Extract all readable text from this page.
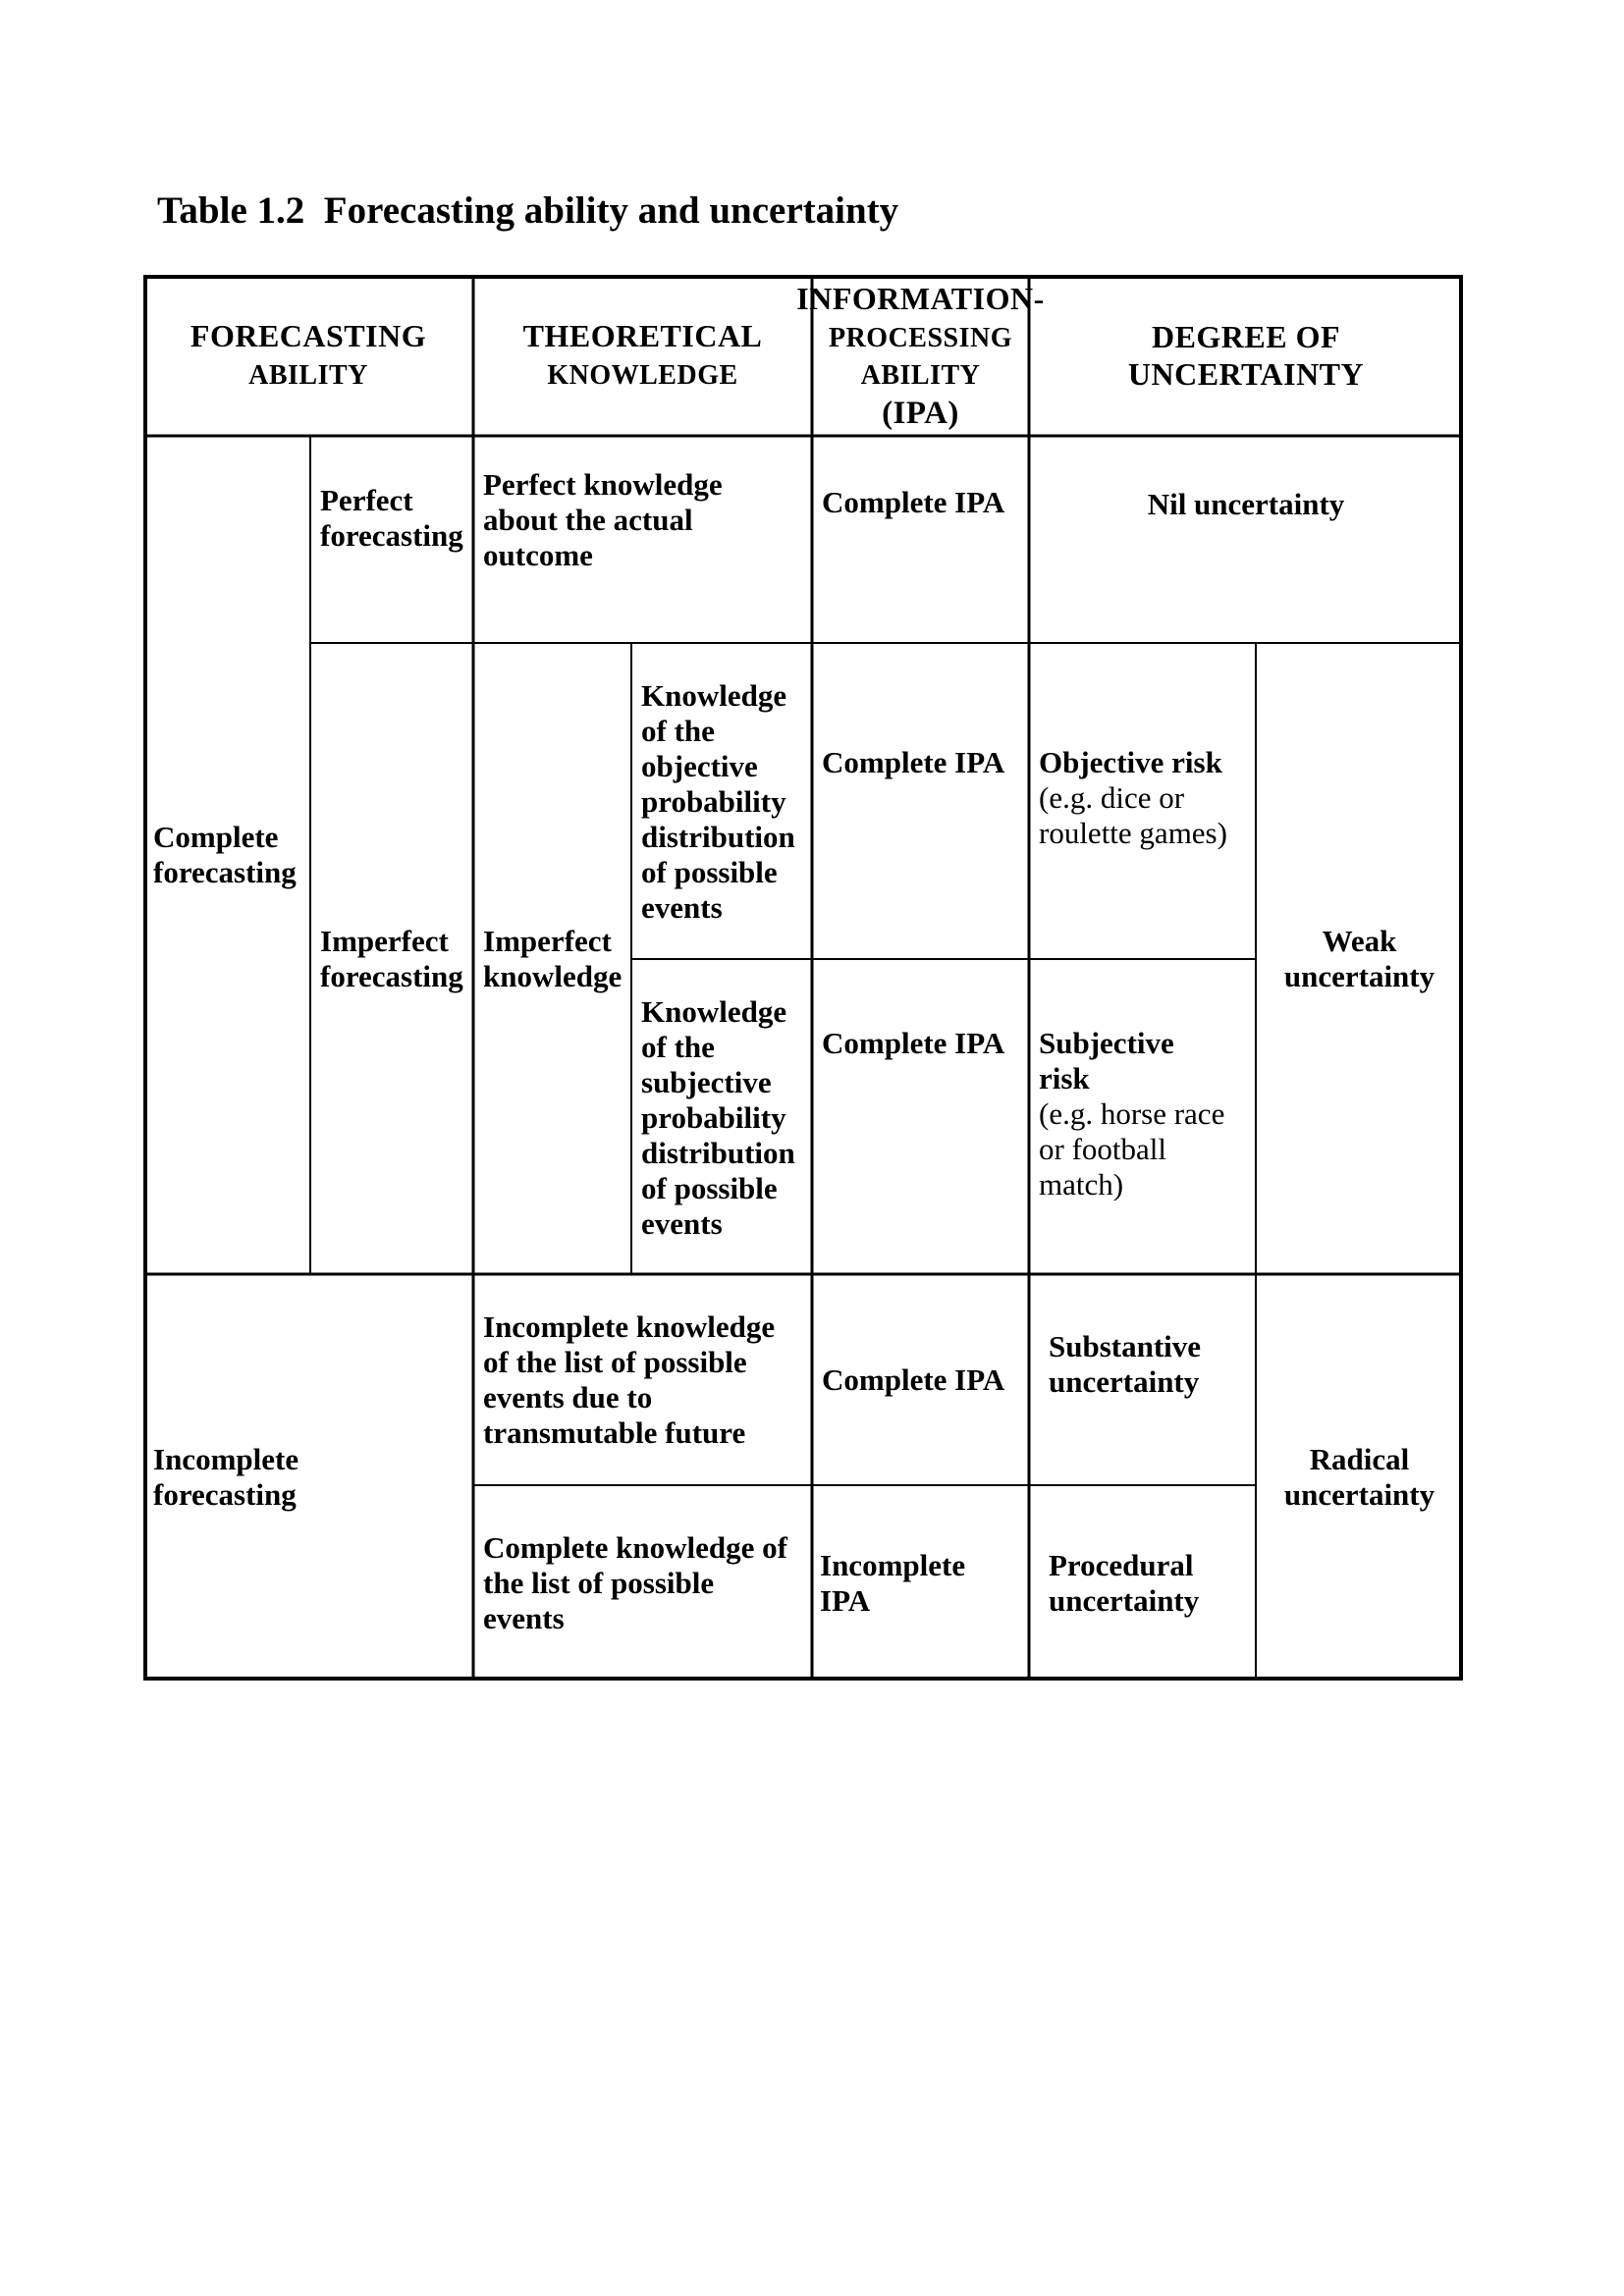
Table 1.2  Forecasting ability and uncertainty
FORECASTING
ABILITY
THEORETICAL
KNOWLEDGE
INFORMATION-
PROCESSING
ABILITY
(IPA)
DEGREE OF UNCERTAINTY
Complete
forecasting
Perfect
forecasting
Perfect knowledge
about the actual
outcome
Complete IPA	Nil uncertainty
Imperfect
forecasting
Imperfect
knowledge
Knowledge
of the
objective
probability
distribution
of possible
events
Complete IPA Objective risk
(e.g. dice or
roulette games)
Weak
uncertainty
Knowledge
of the
subjective
probability
distribution
of possible
events
Complete IPA Subjective
risk
(e.g. horse race
or football
match)
Incomplete
forecasting
Incomplete knowledge
of the list of possible
events due to
transmutable future
Complete IPA
Substantive
uncertainty
Radical
uncertainty
Complete knowledge of
the list of possible
events
Incomplete IPA
Procedural
uncertainty
